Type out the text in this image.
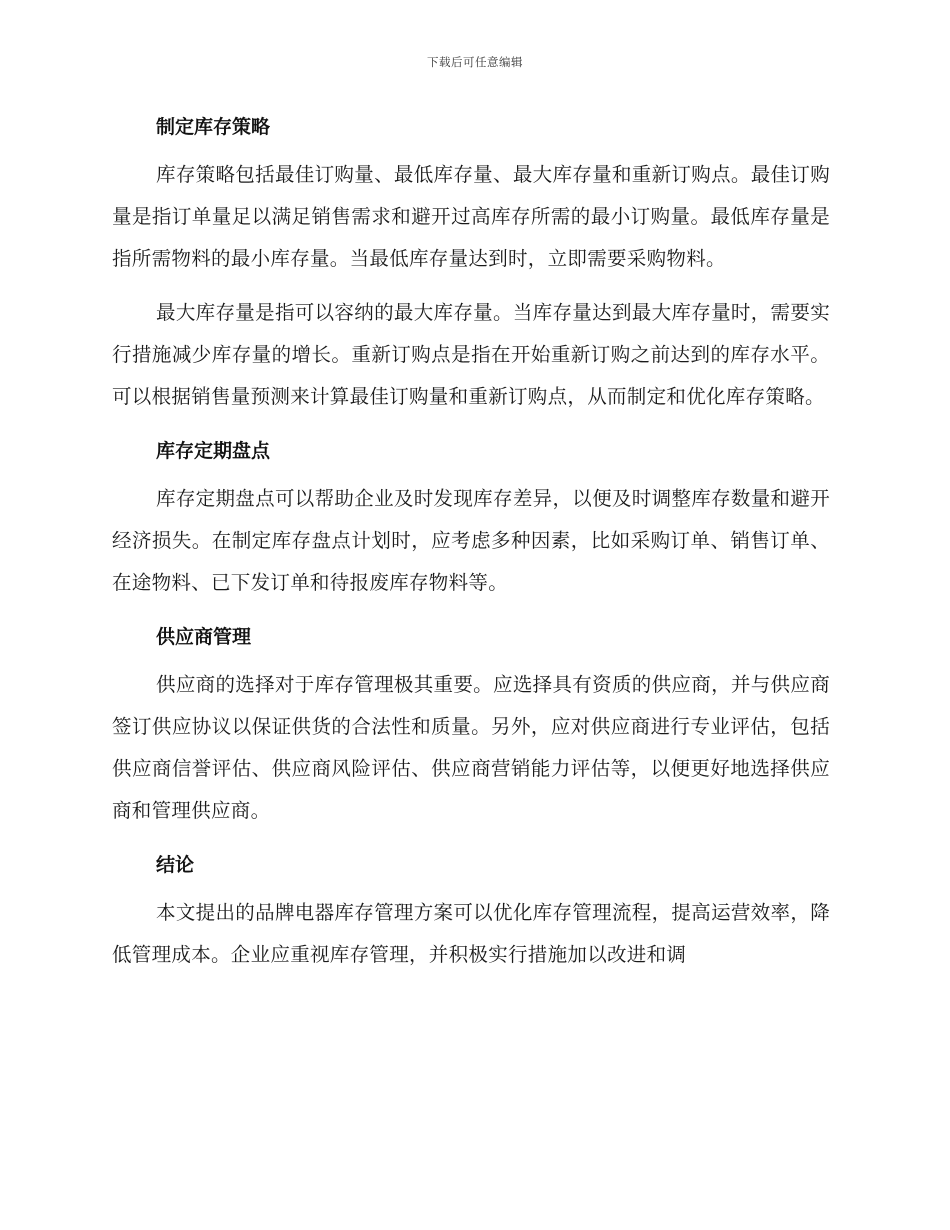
下载后可任意编辑
制定库存策略

库存策略包括最佳订购量、最低库存量、最大库存量和重新订购点。最佳订购量是指订单量足以满足销售需求和避开过高库存所需的最小订购量。最低库存量是指所需物料的最小库存量。当最低库存量达到时，立即需要采购物料。

最大库存量是指可以容纳的最大库存量。当库存量达到最大库存量时，需要实行措施减少库存量的增长。重新订购点是指在开始重新订购之前达到的库存水平。可以根据销售量预测来计算最佳订购量和重新订购点，从而制定和优化库存策略。

库存定期盘点

库存定期盘点可以帮助企业及时发现库存差异，以便及时调整库存数量和避开经济损失。在制定库存盘点计划时，应考虑多种因素，比如采购订单、销售订单、在途物料、已下发订单和待报废库存物料等。

供应商管理

供应商的选择对于库存管理极其重要。应选择具有资质的供应商，并与供应商签订供应协议以保证供货的合法性和质量。另外，应对供应商进行专业评估，包括供应商信誉评估、供应商风险评估、供应商营销能力评估等，以便更好地选择供应商和管理供应商。

结论

本文提出的品牌电器库存管理方案可以优化库存管理流程，提高运营效率，降低管理成本。企业应重视库存管理，并积极实行措施加以改进和调
